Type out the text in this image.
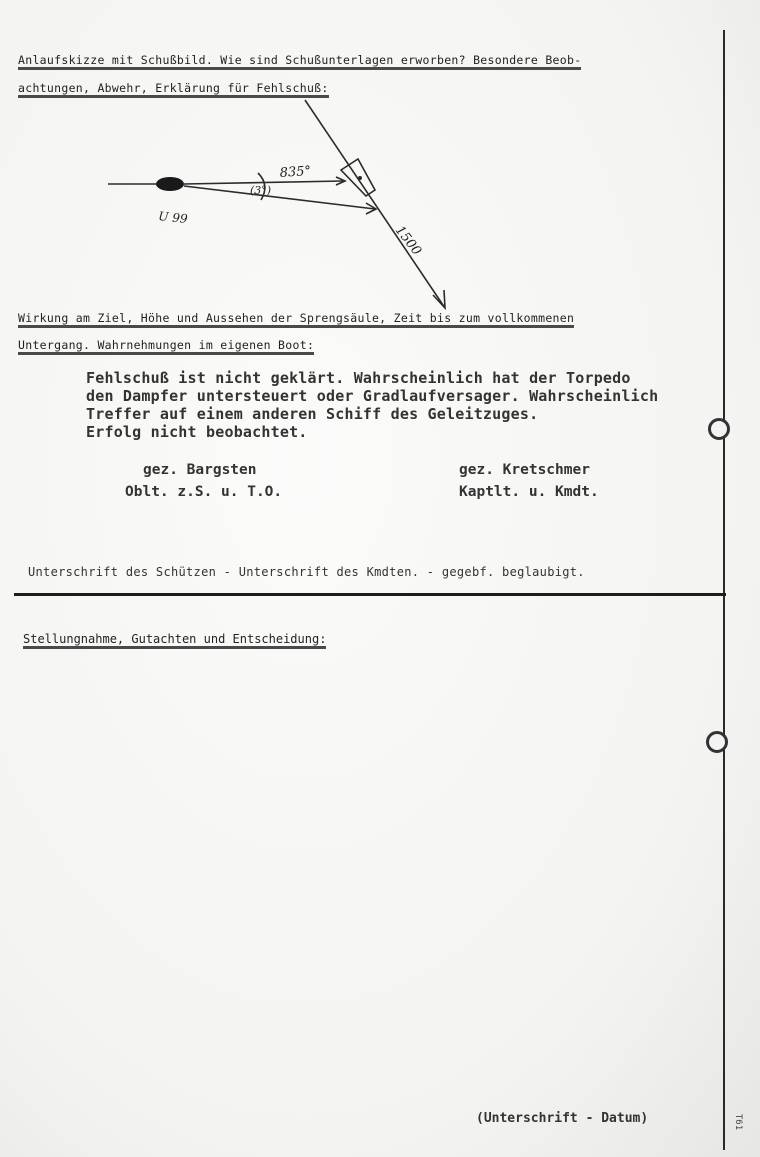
Anlaufskizze mit Schußbild. Wie sind Schußunterlagen erworben? Besondere Beob-
achtungen, Abwehr, Erklärung für Fehlschuß:
U 99
835°
(3°)
1500
Wirkung am Ziel, Höhe und Aussehen der Sprengsäule, Zeit bis zum vollkommenen
Untergang. Wahrnehmungen im eigenen Boot:
Fehlschuß ist nicht geklärt. Wahrscheinlich hat der Torpedo
den Dampfer untersteuert oder Gradlaufversager. Wahrscheinlich
Treffer auf einem anderen Schiff des Geleitzuges.
Erfolg nicht beobachtet.
gez. Bargsten
Oblt. z.S. u. T.O.
gez. Kretschmer
Kaptlt. u. Kmdt.
Unterschrift des Schützen - Unterschrift des Kmdten. - gegebf. beglaubigt.
Stellungnahme, Gutachten und Entscheidung:
(Unterschrift - Datum)	T61
